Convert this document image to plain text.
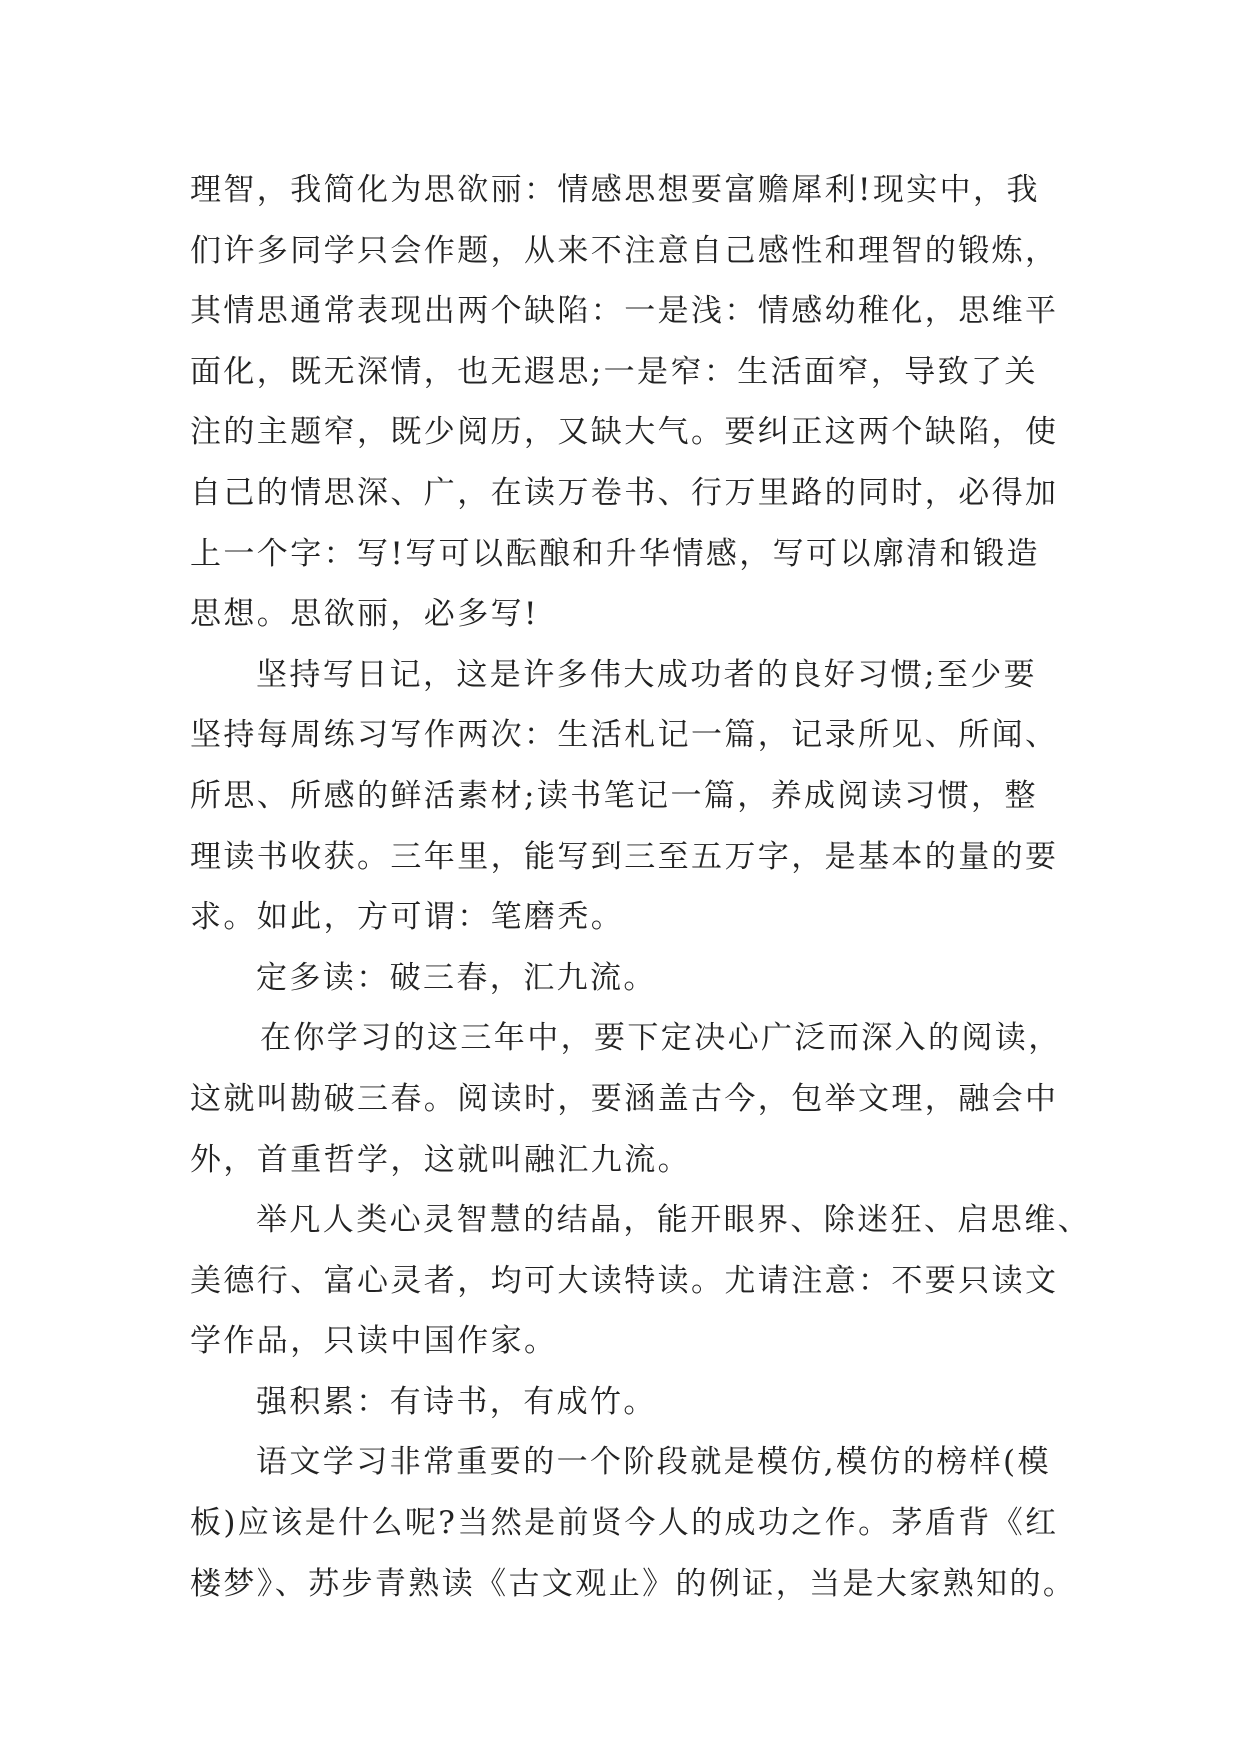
理智，我简化为思欲丽：情感思想要富赡犀利!现实中，我
们许多同学只会作题，从来不注意自己感性和理智的锻炼，
其情思通常表现出两个缺陷：一是浅：情感幼稚化，思维平
面化，既无深情，也无遐思;一是窄：生活面窄，导致了关
注的主题窄，既少阅历，又缺大气。要纠正这两个缺陷，使
自己的情思深、广，在读万卷书、行万里路的同时，必得加
上一个字：写!写可以酝酿和升华情感，写可以廓清和锻造
思想。思欲丽，必多写!
坚持写日记，这是许多伟大成功者的良好习惯;至少要
坚持每周练习写作两次：生活札记一篇，记录所见、所闻、
所思、所感的鲜活素材;读书笔记一篇，养成阅读习惯，整
理读书收获。三年里，能写到三至五万字，是基本的量的要
求。如此，方可谓：笔磨秃。
定多读：破三春，汇九流。
在你学习的这三年中，要下定决心广泛而深入的阅读，
这就叫勘破三春。阅读时，要涵盖古今，包举文理，融会中
外，首重哲学，这就叫融汇九流。
举凡人类心灵智慧的结晶，能开眼界、除迷狂、启思维、
美德行、富心灵者，均可大读特读。尤请注意：不要只读文
学作品，只读中国作家。
强积累：有诗书，有成竹。
语文学习非常重要的一个阶段就是模仿,模仿的榜样(模
板)应该是什么呢?当然是前贤今人的成功之作。茅盾背《红
楼梦》、苏步青熟读《古文观止》的例证，当是大家熟知的。
